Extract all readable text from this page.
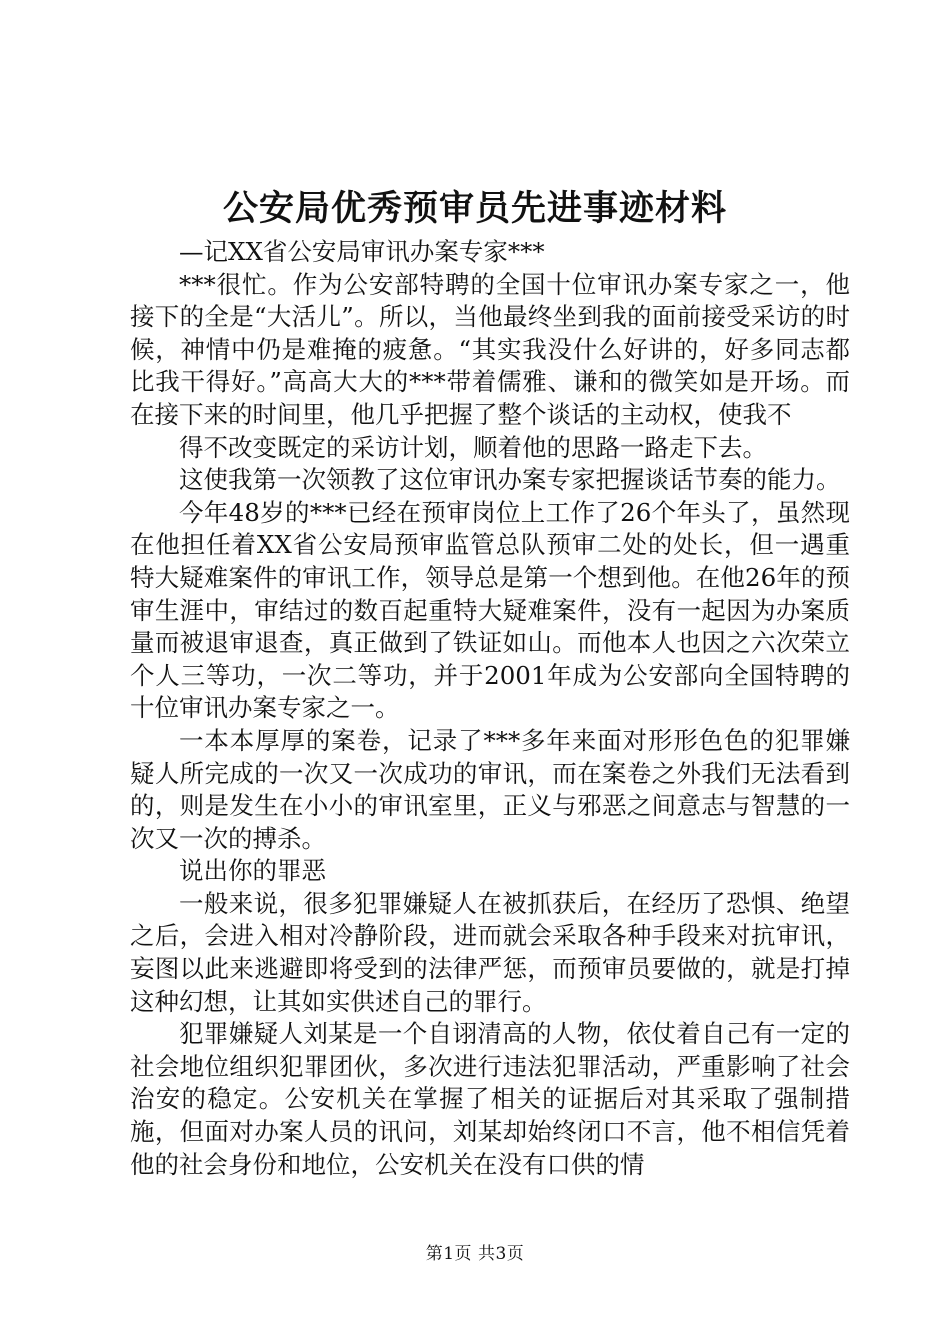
公安局优秀预审员先进事迹材料

—记XX省公安局审讯办案专家***

***很忙。作为公安部特聘的全国十位审讯办案专家之一，他接下的全是“大活儿”。所以，当他最终坐到我的面前接受采访的时候，神情中仍是难掩的疲惫。“其实我没什么好讲的，好多同志都比我干得好。”高高大大的***带着儒雅、谦和的微笑如是开场。而在接下来的时间里，他几乎把握了整个谈话的主动权，使我不

得不改变既定的采访计划，顺着他的思路一路走下去。

这使我第一次领教了这位审讯办案专家把握谈话节奏的能力。

今年48岁的***已经在预审岗位上工作了26个年头了，虽然现在他担任着XX省公安局预审监管总队预审二处的处长，但一遇重特大疑难案件的审讯工作，领导总是第一个想到他。在他26年的预审生涯中，审结过的数百起重特大疑难案件，没有一起因为办案质量而被退审退查，真正做到了铁证如山。而他本人也因之六次荣立个人三等功，一次二等功，并于2001年成为公安部向全国特聘的十位审讯办案专家之一。

一本本厚厚的案卷，记录了***多年来面对形形色色的犯罪嫌疑人所完成的一次又一次成功的审讯，而在案卷之外我们无法看到的，则是发生在小小的审讯室里，正义与邪恶之间意志与智慧的一次又一次的搏杀。

说出你的罪恶

一般来说，很多犯罪嫌疑人在被抓获后，在经历了恐惧、绝望之后，会进入相对冷静阶段，进而就会采取各种手段来对抗审讯，妄图以此来逃避即将受到的法律严惩，而预审员要做的，就是打掉这种幻想，让其如实供述自己的罪行。

犯罪嫌疑人刘某是一个自诩清高的人物，依仗着自己有一定的社会地位组织犯罪团伙，多次进行违法犯罪活动，严重影响了社会治安的稳定。公安机关在掌握了相关的证据后对其采取了强制措施，但面对办案人员的讯问，刘某却始终闭口不言，他不相信凭着他的社会身份和地位，公安机关在没有口供的情

第1页 共3页
